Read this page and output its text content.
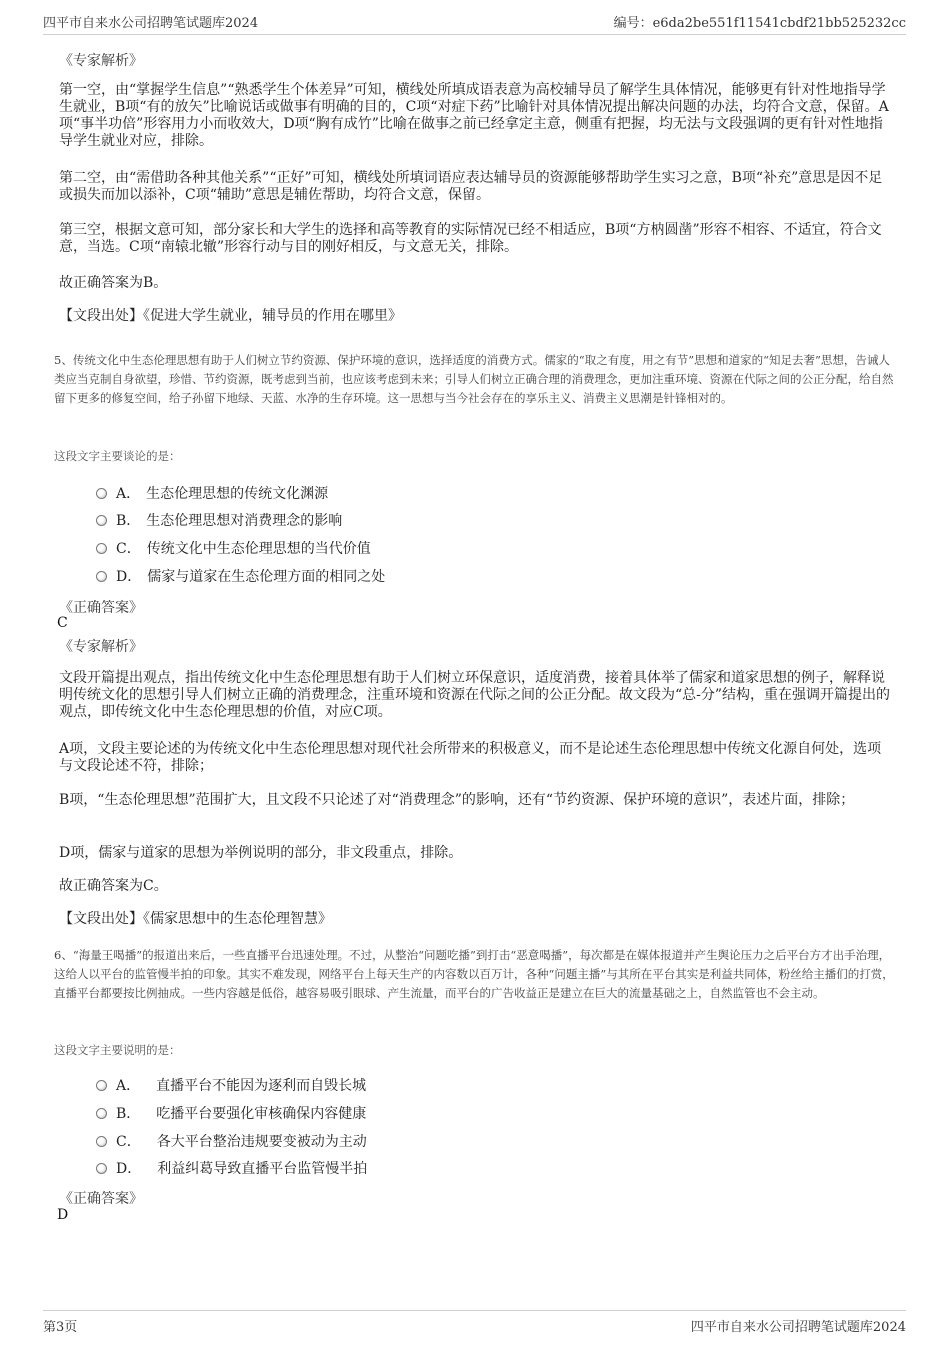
四平市自来水公司招聘笔试题库2024	编号：e6da2be551f11541cbdf21bb525232cc
《专家解析》

第一空，由“掌握学生信息”“熟悉学生个体差异”可知，横线处所填成语表意为高校辅导员了解学生具体情况，能够更有针对性地指导学生就业，B项“有的放矢”比喻说话或做事有明确的目的，C项“对症下药”比喻针对具体情况提出解决问题的办法，均符合文意，保留。A项“事半功倍”形容用力小而收效大，D项“胸有成竹”比喻在做事之前已经拿定主意，侧重有把握，均无法与文段强调的更有针对性地指导学生就业对应，排除。

第二空，由“需借助各种其他关系”“正好”可知，横线处所填词语应表达辅导员的资源能够帮助学生实习之意，B项“补充”意思是因不足或损失而加以添补，C项“辅助”意思是辅佐帮助，均符合文意，保留。

第三空，根据文意可知，部分家长和大学生的选择和高等教育的实际情况已经不相适应，B项“方枘圆凿”形容不相容、不适宜，符合文意，当选。C项“南辕北辙”形容行动与目的刚好相反，与文意无关，排除。

故正确答案为B。

【文段出处】《促进大学生就业，辅导员的作用在哪里》

5、传统文化中生态伦理思想有助于人们树立节约资源、保护环境的意识，选择适度的消费方式。儒家的“取之有度，用之有节”思想和道家的“知足去奢”思想，告诫人类应当克制自身欲望，珍惜、节约资源，既考虑到当前，也应该考虑到未来；引导人们树立正确合理的消费理念，更加注重环境、资源在代际之间的公正分配，给自然留下更多的修复空间，给子孙留下地绿、天蓝、水净的生存环境。这一思想与当今社会存在的享乐主义、消费主义思潮是针锋相对的。

这段文字主要谈论的是：

A． 生态伦理思想的传统文化渊源
B． 生态伦理思想对消费理念的影响
C． 传统文化中生态伦理思想的当代价值
D． 儒家与道家在生态伦理方面的相同之处
《正确答案》
C
《专家解析》

文段开篇提出观点，指出传统文化中生态伦理思想有助于人们树立环保意识，适度消费，接着具体举了儒家和道家思想的例子，解释说明传统文化的思想引导人们树立正确的消费理念，注重环境和资源在代际之间的公正分配。故文段为“总-分”结构，重在强调开篇提出的观点，即传统文化中生态伦理思想的价值，对应C项。

A项，文段主要论述的为传统文化中生态伦理思想对现代社会所带来的积极意义，而不是论述生态伦理思想中传统文化源自何处，选项与文段论述不符，排除；

B项，“生态伦理思想”范围扩大，且文段不只论述了对“消费理念”的影响，还有“节约资源、保护环境的意识”，表述片面，排除；

D项，儒家与道家的思想为举例说明的部分，非文段重点，排除。

故正确答案为C。

【文段出处】《儒家思想中的生态伦理智慧》

6、“海量王喝播”的报道出来后，一些直播平台迅速处理。不过，从整治“问题吃播”到打击“恶意喝播”，每次都是在媒体报道并产生舆论压力之后平台方才出手治理，这给人以平台的监管慢半拍的印象。其实不难发现，网络平台上每天生产的内容数以百万计，各种“问题主播”与其所在平台其实是利益共同体，粉丝给主播们的打赏，直播平台都要按比例抽成。一些内容越是低俗，越容易吸引眼球、产生流量，而平台的广告收益正是建立在巨大的流量基础之上，自然监管也不会主动。

这段文字主要说明的是：

A． 直播平台不能因为逐利而自毁长城
B． 吃播平台要强化审核确保内容健康
C． 各大平台整治违规要变被动为主动
D． 利益纠葛导致直播平台监管慢半拍
《正确答案》
D
第3页	四平市自来水公司招聘笔试题库2024
